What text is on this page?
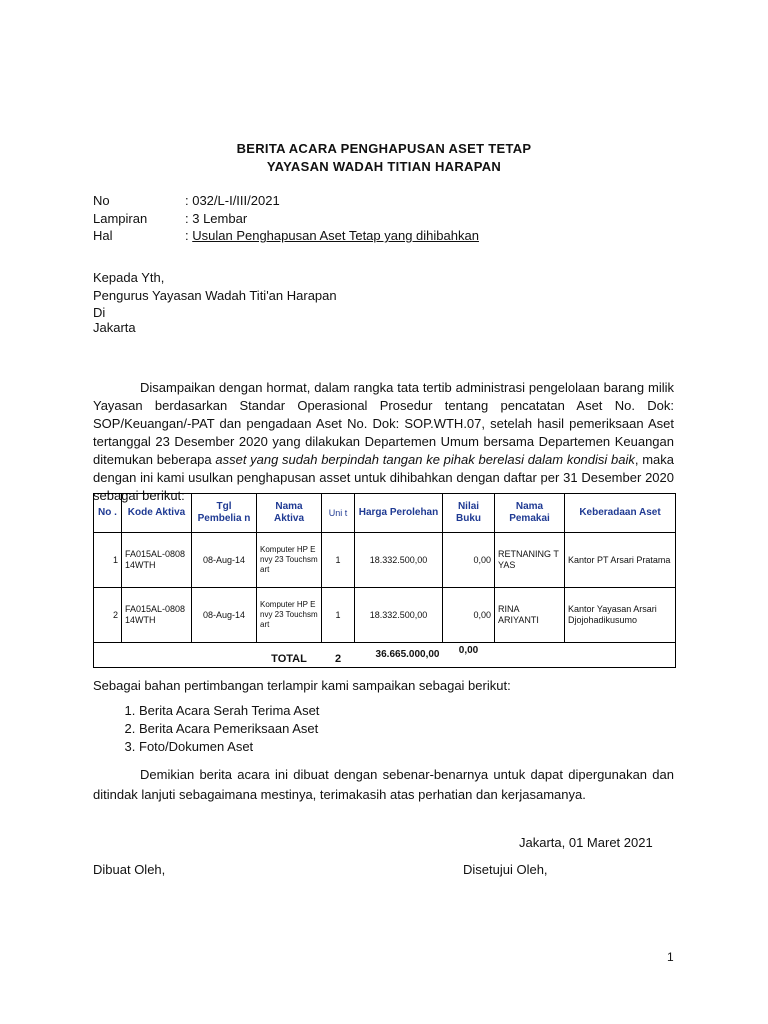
BERITA ACARA PENGHAPUSAN ASET TETAP
YAYASAN WADAH TITIAN HARAPAN
No	: 032/L-I/III/2021
Lampiran	: 3 Lembar
Hal	: Usulan Penghapusan Aset Tetap yang dihibahkan
Kepada Yth,
Pengurus Yayasan Wadah Titi'an Harapan
Di
Jakarta
Disampaikan dengan hormat, dalam rangka tata tertib administrasi pengelolaan barang milik Yayasan berdasarkan Standar Operasional Prosedur tentang pencatatan Aset No. Dok: SOP/Keuangan/-PAT dan pengadaan Aset No. Dok: SOP.WTH.07, setelah hasil pemeriksaan Aset tertanggal 23 Desember 2020 yang dilakukan Departemen Umum bersama Departemen Keuangan ditemukan beberapa asset yang sudah berpindah tangan ke pihak berelasi dalam kondisi baik, maka dengan ini kami usulkan penghapusan asset untuk dihibahkan dengan daftar per 31 Desember 2020 sebagai berikut:
No .	Kode Aktiva	Tgl Pembelia n	Nama Aktiva	Uni t	Harga Perolehan	Nilai Buku	Nama Pemakai	Keberadaan Aset
1	FA015AL-080814WTH	08-Aug-14	Komputer HP Envy 23 Touchsmart	1	18.332.500,00	0,00	RETNANING TYAS	Kantor PT Arsari Pratama
2	FA015AL-080814WTH	08-Aug-14	Komputer HP Envy 23 Touchsmart	1	18.332.500,00	0,00	RINA ARIYANTI	Kantor Yayasan Arsari Djojohadikusumo
			TOTAL	2	36.665.000,00	0,00		
Sebagai bahan pertimbangan terlampir kami sampaikan sebagai berikut:
1. Berita Acara Serah Terima Aset
2. Berita Acara Pemeriksaan Aset
3. Foto/Dokumen Aset
Demikian berita acara ini dibuat dengan sebenar-benarnya untuk dapat dipergunakan dan ditindak lanjuti sebagaimana mestinya, terimakasih atas perhatian dan kerjasamanya.
Jakarta, 01 Maret 2021
Dibuat Oleh,	Disetujui Oleh,
1
